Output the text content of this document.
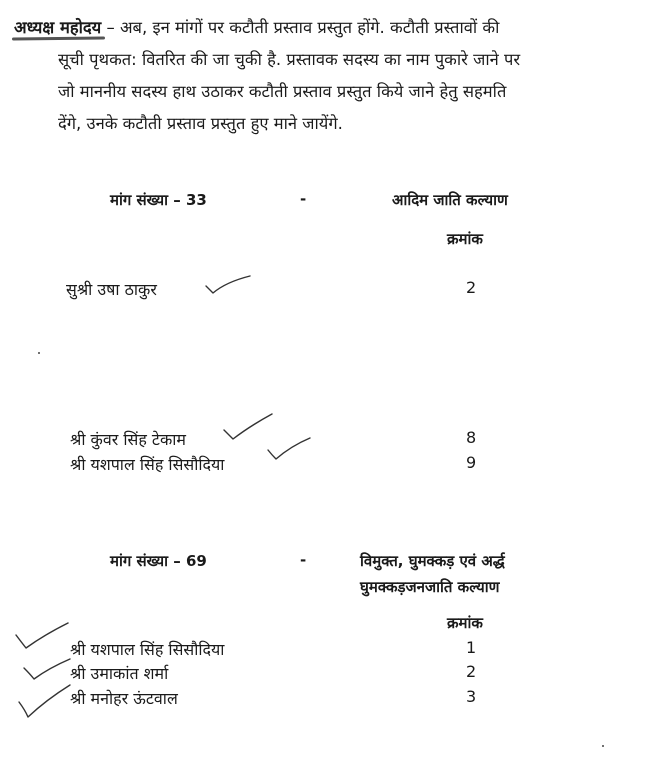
अध्यक्ष महोदय – अब, इन मांगों पर कटौती प्रस्ताव प्रस्तुत होंगे. कटौती प्रस्तावों की
सूची पृथकत: वितरित की जा चुकी है. प्रस्तावक सदस्य का नाम पुकारे जाने पर
जो माननीय सदस्य हाथ उठाकर कटौती प्रस्ताव प्रस्तुत किये जाने हेतु सहमति
देंगे, उनके कटौती प्रस्ताव प्रस्तुत हुए माने जायेंगे.
मांग संख्या – 33	-	आदिम जाति कल्याण
क्रमांक
सुश्री उषा ठाकुर	2
श्री कुंवर सिंह टेकाम	8
श्री यशपाल सिंह सिसौदिया	9
मांग संख्या – 69	-	विमुक्त, घुमक्कड़ एवं अर्द्ध
घुमक्कड़जनजाति कल्याण
क्रमांक
श्री यशपाल सिंह सिसौदिया	1
श्री उमाकांत शर्मा	2
श्री मनोहर ऊंटवाल	3
